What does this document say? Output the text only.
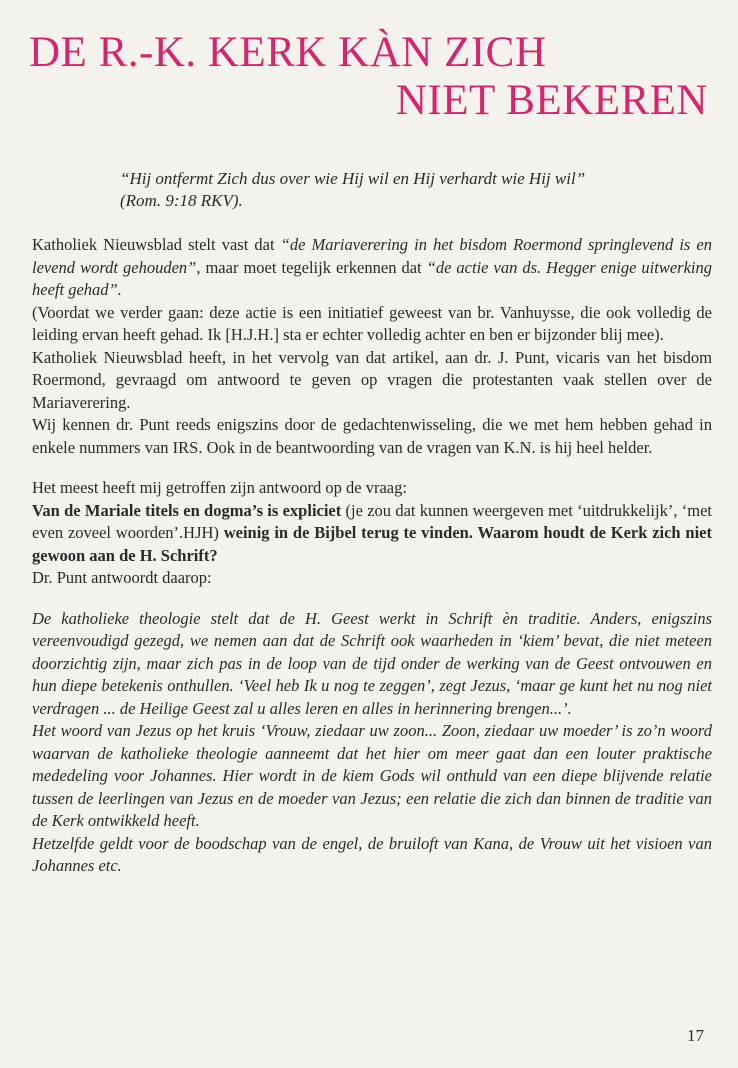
DE R.-K. KERK KÀN ZICH
NIET BEKEREN
“Hij ontfermt Zich dus over wie Hij wil en Hij verhardt wie Hij wil”
(Rom. 9:18 RKV).

Katholiek Nieuwsblad stelt vast dat “de Mariaverering in het bisdom Roermond springlevend is en levend wordt gehouden”, maar moet tegelijk erkennen dat “de actie van ds. Hegger enige uitwerking heeft gehad”.

(Voordat we verder gaan: deze actie is een initiatief geweest van br. Vanhuysse, die ook volledig de leiding ervan heeft gehad. Ik [H.J.H.] sta er echter volledig achter en ben er bijzonder blij mee).

Katholiek Nieuwsblad heeft, in het vervolg van dat artikel, aan dr. J. Punt, vicaris van het bisdom Roermond, gevraagd om antwoord te geven op vragen die protestanten vaak stellen over de Mariaverering.

Wij kennen dr. Punt reeds enigszins door de gedachtenwisseling, die we met hem hebben gehad in enkele nummers van IRS. Ook in de beantwoording van de vragen van K.N. is hij heel helder.

Het meest heeft mij getroffen zijn antwoord op de vraag:

Van de Mariale titels en dogma’s is expliciet (je zou dat kunnen weergeven met ‘uitdrukkelijk’, ‘met even zoveel woorden’.HJH) weinig in de Bijbel terug te vinden. Waarom houdt de Kerk zich niet gewoon aan de H. Schrift?

Dr. Punt antwoordt daarop:

De katholieke theologie stelt dat de H. Geest werkt in Schrift èn traditie. Anders, enigszins vereenvoudigd gezegd, we nemen aan dat de Schrift ook waarheden in ‘kiem’ bevat, die niet meteen doorzichtig zijn, maar zich pas in de loop van de tijd onder de werking van de Geest ontvouwen en hun diepe betekenis onthullen. ‘Veel heb Ik u nog te zeggen’, zegt Jezus, ‘maar ge kunt het nu nog niet verdragen ... de Heilige Geest zal u alles leren en alles in herinnering brengen...’.

Het woord van Jezus op het kruis ‘Vrouw, ziedaar uw zoon... Zoon, ziedaar uw moeder’ is zo’n woord waarvan de katholieke theologie aanneemt dat het hier om meer gaat dan een louter praktische mededeling voor Johannes. Hier wordt in de kiem Gods wil onthuld van een diepe blijvende relatie tussen de leerlingen van Jezus en de moeder van Jezus; een relatie die zich dan binnen de traditie van de Kerk ontwikkeld heeft.

Hetzelfde geldt voor de boodschap van de engel, de bruiloft van Kana, de Vrouw uit het visioen van Johannes etc.

17
